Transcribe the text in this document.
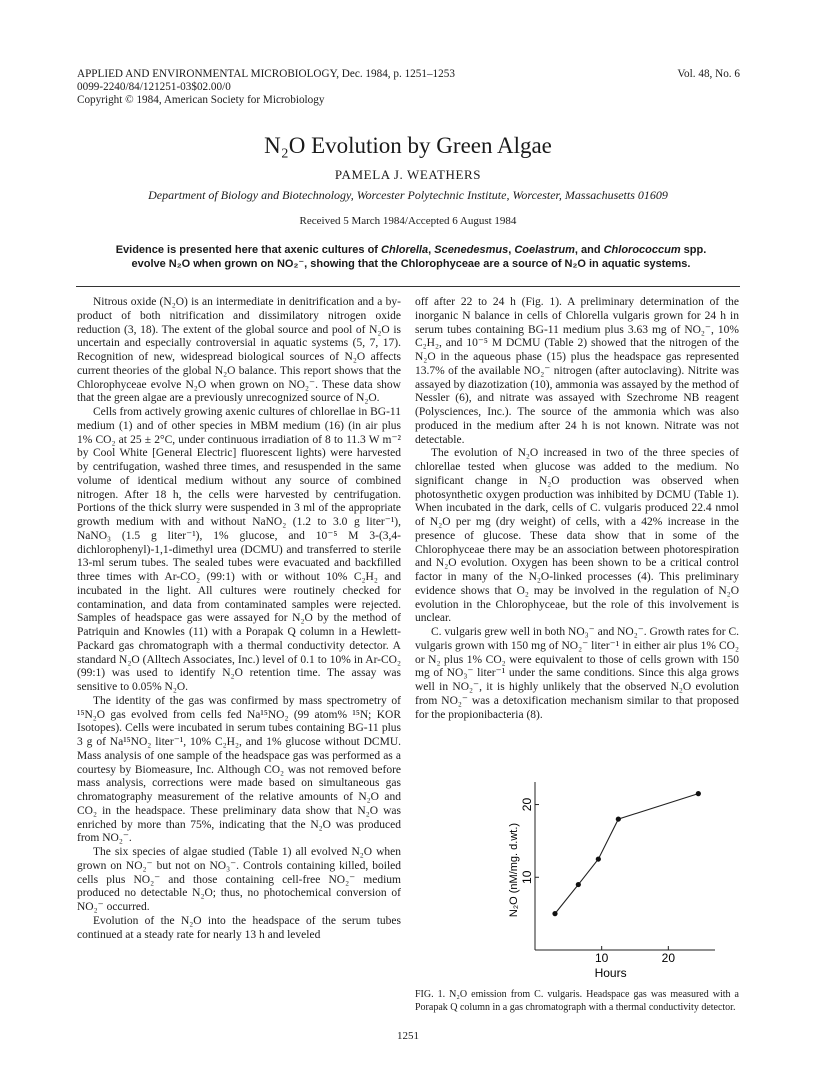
APPLIED AND ENVIRONMENTAL MICROBIOLOGY, Dec. 1984, p. 1251–1253	Vol. 48, No. 6
0099-2240/84/121251-03$02.00/0
Copyright © 1984, American Society for Microbiology
N₂O Evolution by Green Algae
PAMELA J. WEATHERS
Department of Biology and Biotechnology, Worcester Polytechnic Institute, Worcester, Massachusetts 01609
Received 5 March 1984/Accepted 6 August 1984
Evidence is presented here that axenic cultures of Chlorella, Scenedesmus, Coelastrum, and Chlorococcum spp. evolve N₂O when grown on NO₂⁻, showing that the Chlorophyceae are a source of N₂O in aquatic systems.

Nitrous oxide (N₂O) is an intermediate in denitrification and a by-product of both nitrification and dissimilatory nitrogen oxide reduction (3, 18). The extent of the global source and pool of N₂O is uncertain and especially controversial in aquatic systems (5, 7, 17). Recognition of new, widespread biological sources of N₂O affects current theories of the global N₂O balance. This report shows that the Chlorophyceae evolve N₂O when grown on NO₂⁻. These data show that the green algae are a previously unrecognized source of N₂O.

Cells from actively growing axenic cultures of chlorellae in BG-11 medium (1) and of other species in MBM medium (16) (in air plus 1% CO₂ at 25 ± 2°C, under continuous irradiation of 8 to 11.3 W m⁻² by Cool White [General Electric] fluorescent lights) were harvested by centrifugation, washed three times, and resuspended in the same volume of identical medium without any source of combined nitrogen. After 18 h, the cells were harvested by centrifugation. Portions of the thick slurry were suspended in 3 ml of the appropriate growth medium with and without NaNO₂ (1.2 to 3.0 g liter⁻¹), NaNO₃ (1.5 g liter⁻¹), 1% glucose, and 10⁻⁵ M 3-(3,4-dichlorophenyl)-1,1-dimethyl urea (DCMU) and transferred to sterile 13-ml serum tubes. The sealed tubes were evacuated and backfilled three times with Ar-CO₂ (99:1) with or without 10% C₂H₂ and incubated in the light. All cultures were routinely checked for contamination, and data from contaminated samples were rejected. Samples of headspace gas were assayed for N₂O by the method of Patriquin and Knowles (11) with a Porapak Q column in a Hewlett-Packard gas chromatograph with a thermal conductivity detector. A standard N₂O (Alltech Associates, Inc.) level of 0.1 to 10% in Ar-CO₂ (99:1) was used to identify N₂O retention time. The assay was sensitive to 0.05% N₂O.

The identity of the gas was confirmed by mass spectrometry of ¹⁵N₂O gas evolved from cells fed Na¹⁵NO₂ (99 atom% ¹⁵N; KOR Isotopes). Cells were incubated in serum tubes containing BG-11 plus 3 g of Na¹⁵NO₂ liter⁻¹, 10% C₂H₂, and 1% glucose without DCMU. Mass analysis of one sample of the headspace gas was performed as a courtesy by Biomeasure, Inc. Although CO₂ was not removed before mass analysis, corrections were made based on simultaneous gas chromatography measurement of the relative amounts of N₂O and CO₂ in the headspace. These preliminary data show that N₂O was enriched by more than 75%, indicating that the N₂O was produced from NO₂⁻.

The six species of algae studied (Table 1) all evolved N₂O when grown on NO₂⁻ but not on NO₃⁻. Controls containing killed, boiled cells plus NO₂⁻ and those containing cell-free NO₂⁻ medium produced no detectable N₂O; thus, no photochemical conversion of NO₂⁻ occurred.

Evolution of the N₂O into the headspace of the serum tubes continued at a steady rate for nearly 13 h and leveled

off after 22 to 24 h (Fig. 1). A preliminary determination of the inorganic N balance in cells of Chlorella vulgaris grown for 24 h in serum tubes containing BG-11 medium plus 3.63 mg of NO₂⁻, 10% C₂H₂, and 10⁻⁵ M DCMU (Table 2) showed that the nitrogen of the N₂O in the aqueous phase (15) plus the headspace gas represented 13.7% of the available NO₂⁻ nitrogen (after autoclaving). Nitrite was assayed by diazotization (10), ammonia was assayed by the method of Nessler (6), and nitrate was assayed with Szechrome NB reagent (Polysciences, Inc.). The source of the ammonia which was also produced in the medium after 24 h is not known. Nitrate was not detectable.

The evolution of N₂O increased in two of the three species of chlorellae tested when glucose was added to the medium. No significant change in N₂O production was observed when photosynthetic oxygen production was inhibited by DCMU (Table 1). When incubated in the dark, cells of C. vulgaris produced 22.4 nmol of N₂O per mg (dry weight) of cells, with a 42% increase in the presence of glucose. These data show that in some of the Chlorophyceae there may be an association between photorespiration and N₂O evolution. Oxygen has been shown to be a critical control factor in many of the N₂O-linked processes (4). This preliminary evidence shows that O₂ may be involved in the regulation of N₂O evolution in the Chlorophyceae, but the role of this involvement is unclear.

C. vulgaris grew well in both NO₃⁻ and NO₂⁻. Growth rates for C. vulgaris grown with 150 mg of NO₂⁻ liter⁻¹ in either air plus 1% CO₂ or N₂ plus 1% CO₂ were equivalent to those of cells grown with 150 mg of NO₃⁻ liter⁻¹ under the same conditions. Since this alga grows well in NO₂⁻, it is highly unlikely that the observed N₂O evolution from NO₂⁻ was a detoxification mechanism similar to that proposed for the propionibacteria (8).

10	20
10
20
Hours
N₂O (nM/mg. d.wt.)
FIG. 1. N₂O emission from C. vulgaris. Headspace gas was measured with a Porapak Q column in a gas chromatograph with a thermal conductivity detector.
1251
